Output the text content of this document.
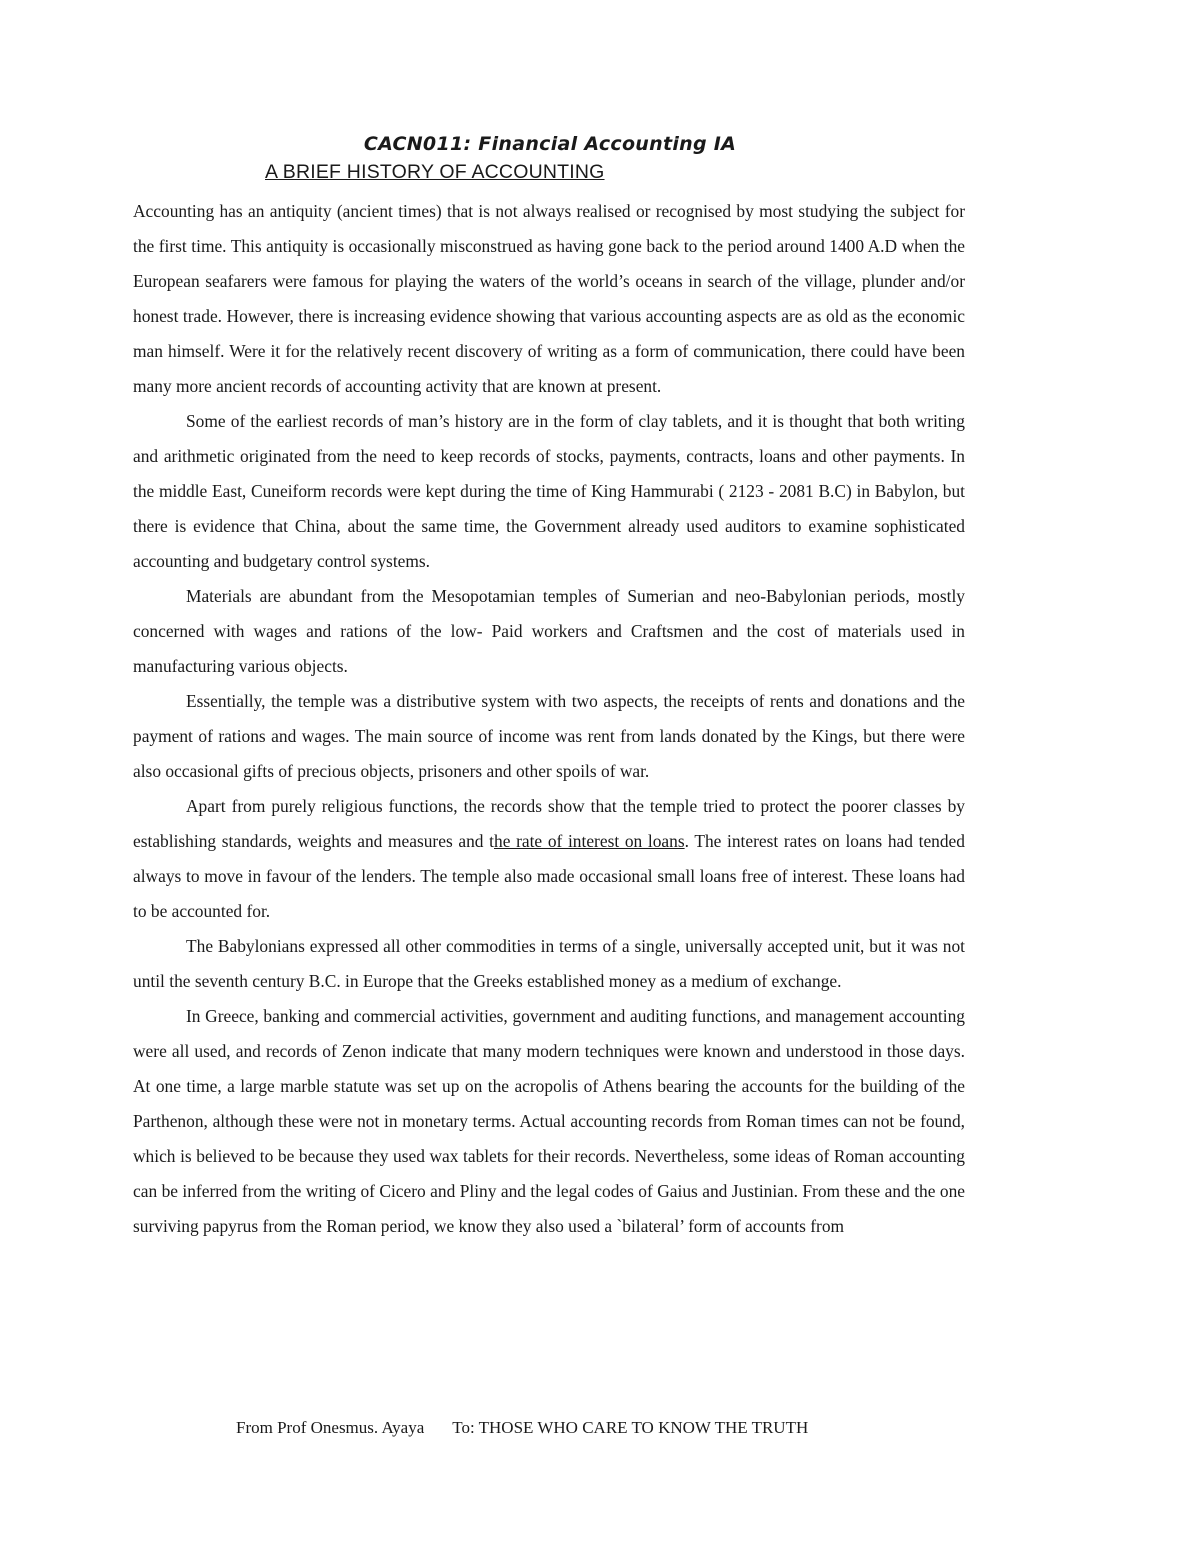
CACN011: Financial Accounting IA
A BRIEF HISTORY OF ACCOUNTING

Accounting has an antiquity (ancient times) that is not always realised or recognised by most studying the subject for the first time. This antiquity is occasionally misconstrued as having gone back to the period around 1400 A.D when the European seafarers were famous for playing the waters of the world’s oceans in search of the village, plunder and/or honest trade. However, there is increasing evidence showing that various accounting aspects are as old as the economic man himself. Were it for the relatively recent discovery of writing as a form of communication, there could have been many more ancient records of accounting activity that are known at present.

Some of the earliest records of man’s history are in the form of clay tablets, and it is thought that both writing and arithmetic originated from the need to keep records of stocks, payments, contracts, loans and other payments. In the middle East, Cuneiform records were kept during the time of King Hammurabi ( 2123 - 2081 B.C) in Babylon, but there is evidence that China, about the same time, the Government already used auditors to examine sophisticated accounting and budgetary control systems.

Materials are abundant from the Mesopotamian temples of Sumerian and neo-Babylonian periods, mostly concerned with wages and rations of the low- Paid workers and Craftsmen and the cost of materials used in manufacturing various objects.

Essentially, the temple was a distributive system with two aspects, the receipts of rents and donations and the payment of rations and wages. The main source of income was rent from lands donated by the Kings, but there were also occasional gifts of precious objects, prisoners and other spoils of war.

Apart from purely religious functions, the records show that the temple tried to protect the poorer classes by establishing standards, weights and measures and the rate of interest on loans. The interest rates on loans had tended always to move in favour of the lenders. The temple also made occasional small loans free of interest. These loans had to be accounted for.

The Babylonians expressed all other commodities in terms of a single, universally accepted unit, but it was not until the seventh century B.C. in Europe that the Greeks established money as a medium of exchange.

In Greece, banking and commercial activities, government and auditing functions, and management accounting were all used, and records of Zenon indicate that many modern techniques were known and understood in those days. At one time, a large marble statute was set up on the acropolis of Athens bearing the accounts for the building of the Parthenon, although these were not in monetary terms. Actual accounting records from Roman times can not be found, which is believed to be because they used wax tablets for their records. Nevertheless, some ideas of Roman accounting can be inferred from the writing of Cicero and Pliny and the legal codes of Gaius and Justinian. From these and the one surviving papyrus from the Roman period, we know they also used a `bilateral’ form of accounts from

From Prof Onesmus. Ayaya To: THOSE WHO CARE TO KNOW THE TRUTH
